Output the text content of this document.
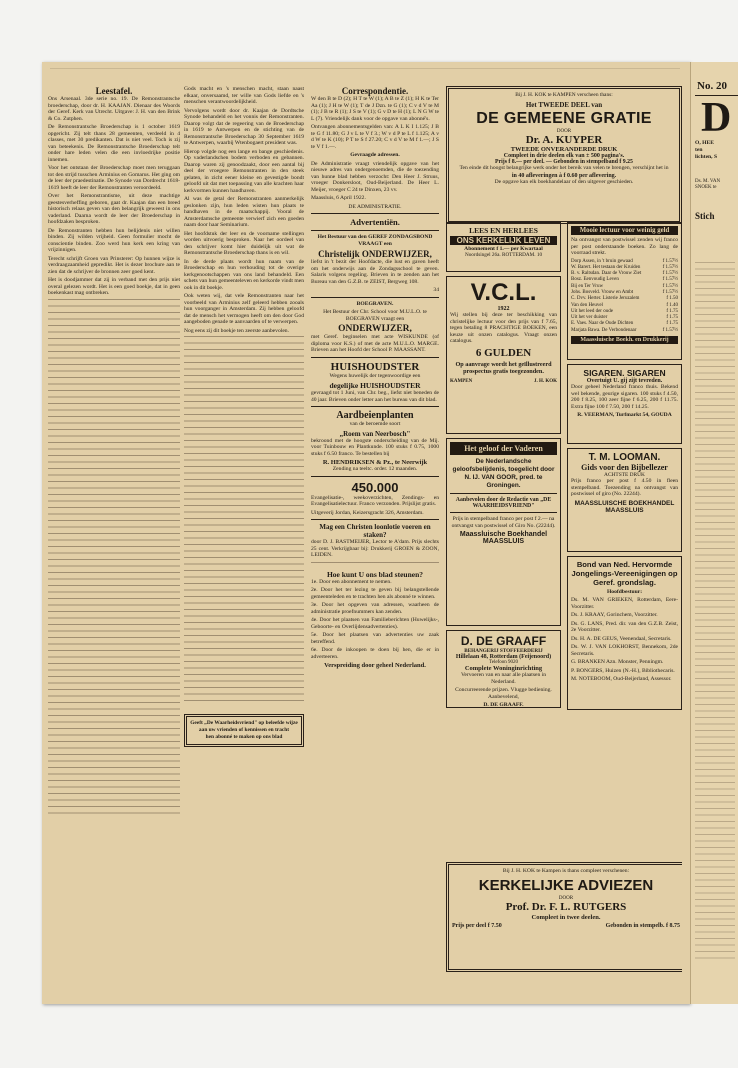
No. 20
D
O, HEE
ten
lichten, S
Ds. M. VAN
SNOEK te
Stich
Leestafel.

Ons Arsenaal. 3de serie no. 19. De Remonstrantsche broederschap, door dr. H. KAAJAN. Dienaar des Woords der Geref. Kerk van Utrecht. Uitgave: J. H. van den Brink & Co. Zutphen.

De Remonstrantsche Broederschap is 1 october 1619 opgericht. Zij telt thans 28 gemeenten, verdeeld in 4 classes, met 30 predikanten. Dat is niet veel. Toch is zij van beteekenis. De Remonstrantsche Broederschap telt onder hare leden velen die een invloedrijke positie innemen.

Voor het ontstaan der Broederschap moet men teruggaan tot den strijd tusschen Arminius en Gomarus. Het ging om de leer der praedestinatie. De Synode van Dordrecht 1618-1619 heeft de leer der Remonstranten veroordeeld.

Over het Remonstrantisme, uit deze machtige geestesverheffing geboren, gaat dr. Kaajan dan een breed historisch relaas geven van den belangrijk geweest in ons vaderland. Daarna wordt de leer der Broederschap in hoofdzaken besproken.

De Remonstranten hebben hun belijdenis niet willen binden. Zij wilden vrijheid. Geen formulier mocht de conscientie binden. Zoo werd hun kerk een kring van vrijzinnigen.

Terecht schrijft Groen van Prinsterer: Op hunnen wijze is verdraagzaamheid gepredikt. Het is dezer brochure aan te zien dat de schrijver de bronnen zeer goed kent.

Het is doodjammer dat zij in verband met den prijs niet overal gelezen wordt. Het is een goed boekje, dat in geen boekenkast mag ontbreken.

Gods macht en 's menschen macht, staan naast elkaar, onversaamd, ter wille van Gods liefde en 's menschen verantwoordelijkheid.

Vervolgens wordt door dr. Kaajan de Dordtsche Synode behandeld en het vonnis der Remonstranten. Daarop volgt dat de regeering van de Broederschap in 1619 te Antwerpen en de stichting van de Remonstrantsche Broederschap 30 September 1619 te Antwerpen, waarbij Wtenbogaert president was.

Hierop volgde nog een lange en bange geschiedenis. Op vaderlandschen bodem verboden en gebannen. Daarop waren zij genoodzaakt, door een aantal bij deel der vroegere Remonstranten in den steek gelaten, in zicht eener kleine en gevestigde bondt geloofd uit dat met toepassing van alle krachten haar kerkvormen kunnen handhaven.

Al was de getal der Remonstranten aanmerkelijk geslonken zijn, hun leden wisten hun plaats te handhaven in de maatschappij. Vooral de Amsterdamsche gemeente verwierf zich een goeden naam door haar Seminarium.

Het hoofdstuk der leer en de voorname stellingen worden uitvoerig besproken. Naar het oordeel van den schrijver komt hier duidelijk uit wat de Remonstrantsche Broederschap thans is en wil.

In de derde plaats wordt hun naam van de Broederschap en hun verhouding tot de overige kerkgenootschappen van ons land behandeld. Een schets van hun gemeenteleven en kerkorde vindt men ook in dit boekje.

Ook weten wij, dat vele Remonstranten naar het voorbeeld van Arminius zelf geleerd hebben zooals hun voorganger in Amsterdam. Zij hebben geloofd dat de mensch het vermogen heeft om den door God aangeboden genade te aanvaarden of te verwerpen.

Nog eens zij dit boekje ten zeerste aanbevolen.

Geeft „De Waarheidsvriend" op beleefde wijze
aan uw vrienden of kennissen en tracht
hen abonné te maken op ons blad
Correspondentie.

W den B te D (2); H T te W (1); A B te Z (1); H K te Ter Aa (1); J H te W (1); T de J Dzn. te G (1); C v d V te M (1); J B te R (1); J S te V (1); G v D te H (1); L N G W te L (7). Vriendelijk dank voor de opgave van abonné's.

Ontvangen abonnementsgelden van: A L K I 1.125; J B te G f 11.80; G J v L te V f 3.; W v d P te L f 1.125; A v d W te K (10); P T te S f 27.20; C v d V te M f 1.—; J S te V f 1.—.

Gevraagde adressen.

De Administratie vraagt vriendelijk opgave van het nieuwe adres van ondergenoemden, die de toezending van hunne blad hebben verzocht: Den Heer J. Struus, vroeger Donkersloot, Oud-Beijerland. De Heer L. Meijer, vroeger C 24 te Dinxen, 23 vv.

Maassluis, 6 April 1922.

DE ADMINISTRATIE.

Advertentiën.

Het Bestuur van den GEREF ZONDAGSBOND VRAAGT een

Christelijk ONDERWIJZER,

liefst in 't bezit der Hoofdacte, die lust en gaven heeft om het onderwijs aan de Zondagsschool te geven. Salaris volgens regeling. Brieven in te zenden aan het Bureau van den G.Z.B. te ZEIST, Bergweg 108.

34

BOEGRAVEN.

Het Bestuur der Chr. School voor M.U.L.O. te BOEGRAVEN vraagt een

ONDERWIJZER,

met Geref. beginselen met acte WISKUNDE (of diploma voor K.S.) of met de acte M.U.L.O. MARGE. Brieven aan het Hoofd der School P. MAASSANT.

HUISHOUDSTER

Wegens huwelijk der tegenwoordige een

degelijke HUISHOUDSTER

gevraagd tot 1 Juni, van Chr. beg., liefst niet beneden de 40 jaar. Brieven onder letter aan het bureau van dit blad.

Aardbeienplanten

van de beroemde soort

„Roem van Neerbosch"

bekroond met de hoogste onderscheiding van de Mij. voor Tuinbouw en Plantkunde. 100 stuks f 0.75, 1000 stuks f 6.50 franco. Te bestellen bij

R. HENDRIKSEN & Pz., te Neerwijk

Zending na teeltc. order. 12 maanden.

450.000

Evangelisatie-, weekoverzichten, Zendings- en Evangelisatielectuur. Franco verzonden. Prijslijst gratis.

Uitgeverij Jordan, Keizersgracht 326, Amsterdam.

Mag een Christen loonlotie voeren en staken?

door D. J. BASTMEIJER, Lector te A'dam. Prijs slechts 25 cent. Verkrijgbaar bij: Drukkerij GROEN & ZOON, LEIDEN.

Hoe kunt U ons blad steunen?

1e. Door een abonnement te nemen.

2e. Door het ter lezing te geven bij belangstellende gemeenteleden en te trachten hen als abonné te winnen.

3e. Door het opgeven van adressen, waarheen de administratie proefnummers kan zenden.

4e. Door het plaatsen van Familieberichten (Huwelijks-, Geboorte- en Overlijdensadvertenties).

5e. Door het plaatsen van advertenties uw zaak betreffend.

6e. Door de inkoopen te doen bij hen, die er in adverteeren.

Verspreiding door geheel Nederland.

Bij J. H. KOK te KAMPEN verscheen thans:

Het TWEEDE DEEL van

DE GEMEENE GRATIE

DOOR

Dr. A. KUYPER

TWEEDE ONVERANDERDE DRUK

Compleet in drie deelen elk van ± 500 pagina's.

Prijs f 8.— per deel. — Gebonden in stempelband f 9.25

Ten einde dit hoogst belangrijke werk onder het bereik van velen te brengen, verschijnt het in

in 40 afleveringen à f 0.60 per aflevering.

De opgave kan elk boekhandelaar of den uitgever geschieden.

LEES EN HERLEES

ONS KERKELIJK LEVEN

Abonnement f 1.— per Kwartaal

Noordsingel 26a. ROTTERDAM. 10

V.C.L.

1922

Wij stellen bij deze ter beschikking van christelijke lectuur voor den prijs van f 7.65, tegen betaling 8 PRACHTIGE BOEKEN, een keuze uit onzen catalogus. Vraagt onzen catalogus.

6 GULDEN

Op aanvrage wordt het geïllustreerd prospectus gratis toegezonden.

KAMPEN	J. H. KOK

Het geloof der Vaderen

De Nederlandsche geloofsbelijdenis, toegelicht door N. IJ. VAN GOOR, pred. te Groningen.

Aanbevolen door de Redactie van „DE WAARHEIDSVRIEND"

Prijs in stempelband franco per post f 2.— na ontvangst van postwissel of Giro No. (22244).

Maassluische Boekhandel

MAASSLUIS

D. DE GRAAFF

BEHANGERIJ STOFFEERDERIJ

Hillelaan 48, Rotterdam (Feijenoord)

Telefoon 9020

Complete Woninginrichting

Vervoeren van en naar alle plaatsen in Nederland.

Concurreerende prijzen. Vlugge bediening. Aanbevelend,

D. DE GRAAFF.

Mooie lectuur voor weinig geld

Na ontvangst van postwissel zenden wij franco per post onderstaande boeken. Zo lang de voorraad strekt.

Dorp Assen, in 't bruin gewaad	f 1.57½
W. Barert. Het testaan der Kruiden	f 1.57½
B. v. Raltsdan. Daar de Vrouw Ziet	f 1.57½
Bosz. Eenvoudig Leven	f 1.57½
Bij en Ter Vruw	f 1.57½
Johs. Bosveld. Vrouw en Ambt	f 1.57½
C. Dvv. Herter. Listerie Jeruzalem	f 1.50
Van den Heuvel	f 1.40
Uit het leed der oude	f 1.75
Uit het ver duister	f 1.75
E. Vaes. Naar de Oude Dichten	f 1.75
Marjata Bawa. De Verbondenaar	f 1.57½

Maassluische Boekh. en Drukkerij

SIGAREN. SIGAREN

Overtuigt U. gij zijt tevreden.

Door geheel Nederland franco thuis. Bekend wel bekende, geurige sigaren. 100 stuks f 4.50, 200 f 8.25, 100 zeer fijne f 6.25, 200 f 11.75. Extra fijne 100 f 7.50, 200 f 14.25.

R. VEERMAN, Turfmarkt 54, GOUDA

T. M. LOOMAN.

Gids voor den Bijbellezer

ACHTSTE DRUK

Prijs franco per post f 4.50 in fleen stempelband. Toezending na ontvangst van postwissel of giro (No. 22244).

MAASSLUISCHE BOEKHANDEL

MAASSLUIS

Bond van Ned. Hervormde Jongelings-Vereenigingen op Geref. grondslag.

Hoofdbestuur:

Ds. M. VAN GRIEKEN, Rotterdam, Eere-Voorzitter.

Ds. J. KRAAY, Gorinchem, Voorzitter.

Ds. G. LANS, Pred. dir. van den G.Z.B. Zeist, 2e Voorzitter.

Ds. H. A. DE GEUS, Veenendaal, Secretaris.

Ds. W. J. VAN LOKHORST, Bennekom, 2de Secretaris.

G. BRANKEN Azn. Monster, Penningm.

P. BONGERS, Huizen (N.-H.), Bibliothecaris.

M. NOTEBOOM, Oud-Beijerland, Assessor.

Bij J. H. KOK te Kampen is thans compleet verschenen:

KERKELIJKE ADVIEZEN

DOOR

Prof. Dr. F. L. RUTGERS

Compleet in twee deelen.

Prijs per deel f 7.50	Gebonden in stempelb. f 8.75
